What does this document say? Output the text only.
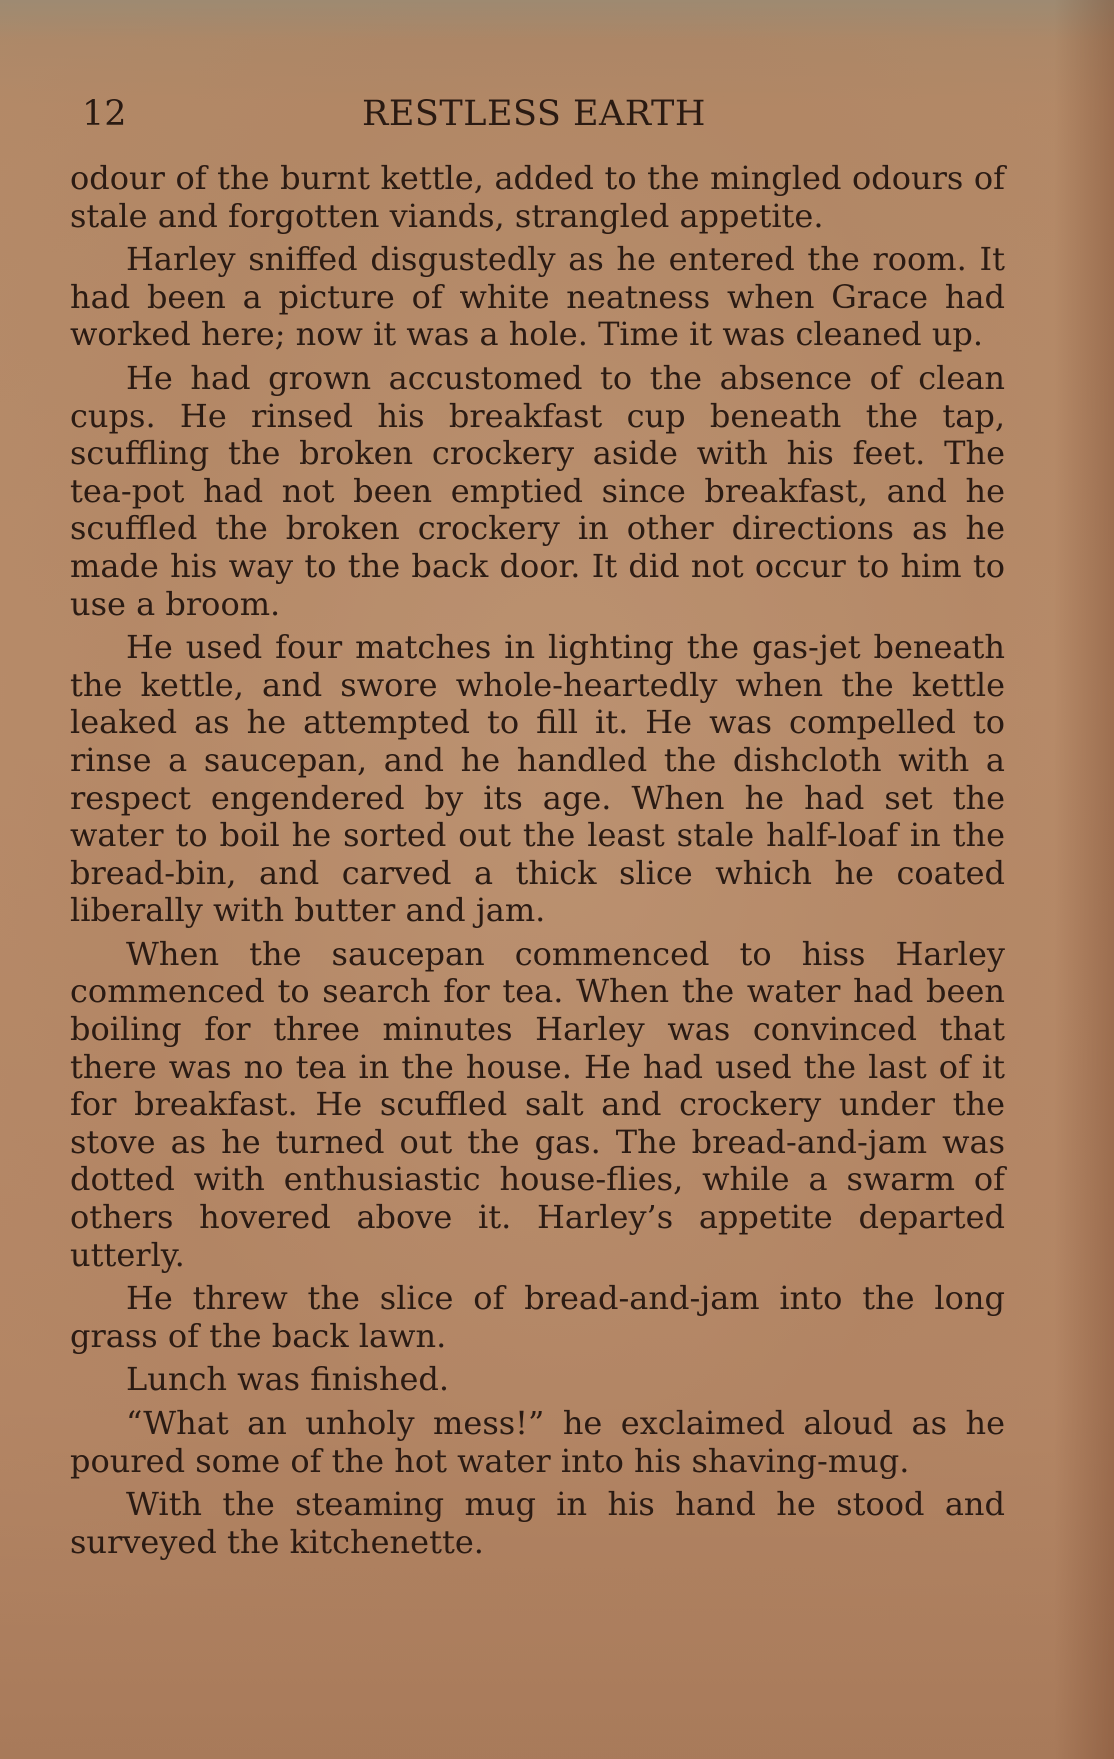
12	RESTLESS EARTH

odour of the burnt kettle, added to the mingled odours of stale and forgotten viands, strangled appetite.

Harley sniffed disgustedly as he entered the room. It had been a picture of white neatness when Grace had worked here; now it was a hole. Time it was cleaned up.

He had grown accustomed to the absence of clean cups. He rinsed his breakfast cup beneath the tap, scuffling the broken crockery aside with his feet. The tea-pot had not been emptied since breakfast, and he scuffled the broken crockery in other directions as he made his way to the back door. It did not occur to him to use a broom.

He used four matches in lighting the gas-jet beneath the kettle, and swore whole-heartedly when the kettle leaked as he attempted to fill it. He was compelled to rinse a saucepan, and he handled the dishcloth with a respect engendered by its age. When he had set the water to boil he sorted out the least stale half-loaf in the bread-bin, and carved a thick slice which he coated liberally with butter and jam.

When the saucepan commenced to hiss Harley commenced to search for tea. When the water had been boiling for three minutes Harley was convinced that there was no tea in the house. He had used the last of it for breakfast. He scuffled salt and crockery under the stove as he turned out the gas. The bread-and-jam was dotted with enthusiastic house-flies, while a swarm of others hovered above it. Harley’s appetite departed utterly.

He threw the slice of bread-and-jam into the long grass of the back lawn.

Lunch was finished.

“What an unholy mess!” he exclaimed aloud as he poured some of the hot water into his shaving-mug.

With the steaming mug in his hand he stood and surveyed the kitchenette.
